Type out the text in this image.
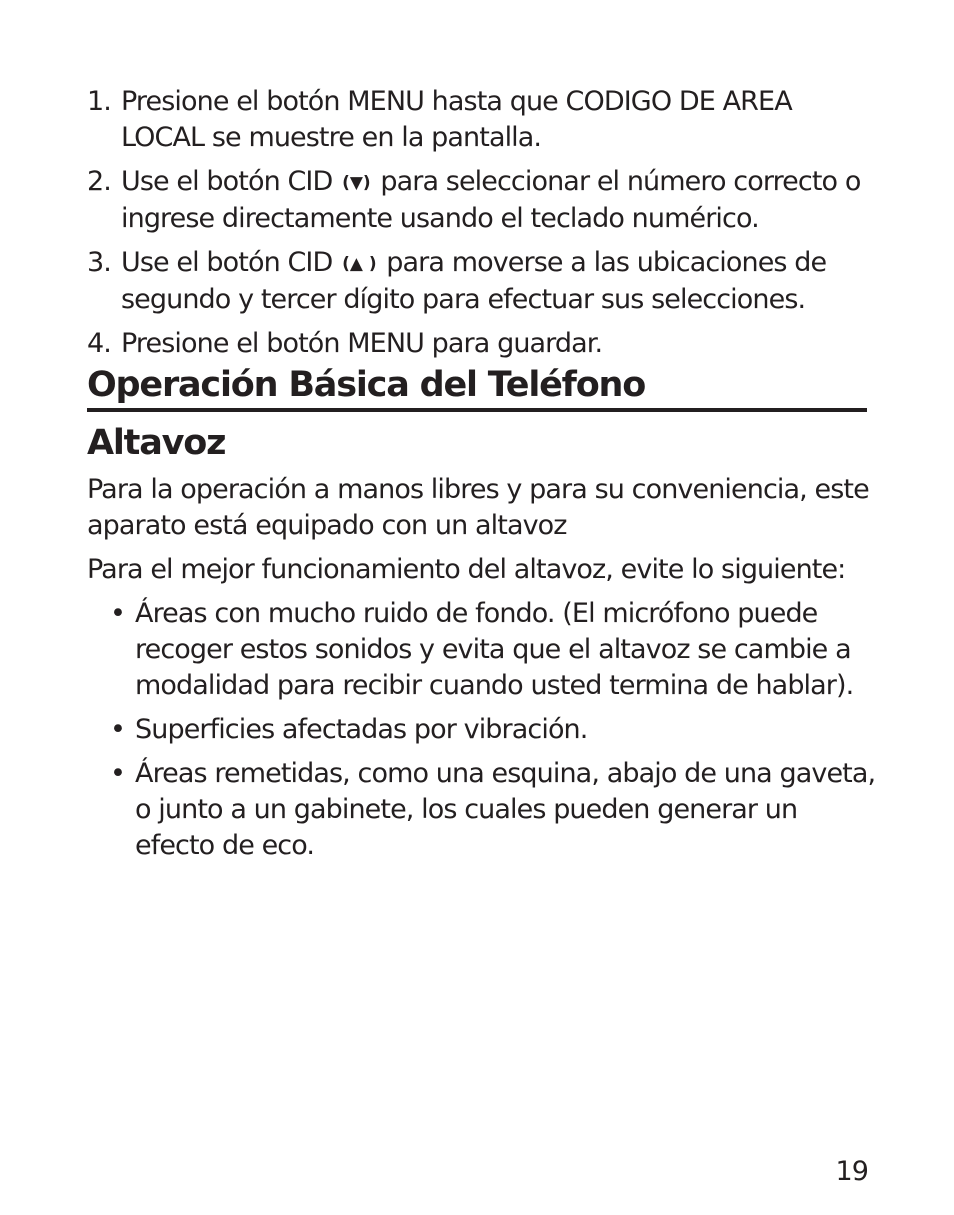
1. Presione el botón MENU hasta que CODIGO DE AREA LOCAL se muestre en la pantalla.
2. Use el botón CID (▼) para seleccionar el número correcto o ingrese directamente usando el teclado numérico.
3. Use el botón CID (▲ ) para moverse a las ubicaciones de segundo y tercer dígito para efectuar sus selecciones.
4. Presione el botón MENU para guardar.
Operación Básica del Teléfono
Altavoz

Para la operación a manos libres y para su conveniencia, este aparato está equipado con un altavoz

Para el mejor funcionamiento del altavoz, evite lo siguiente:

• Áreas con mucho ruido de fondo. (El micrófono puede recoger estos sonidos y evita que el altavoz se cambie a modalidad para recibir cuando usted termina de hablar).
• Superficies afectadas por vibración.
• Áreas remetidas, como una esquina, abajo de una gaveta, o junto a un gabinete, los cuales pueden generar un efecto de eco.
19
